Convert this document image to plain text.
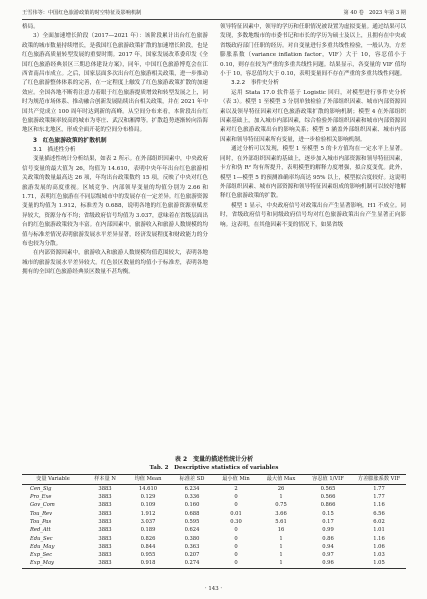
王雪伟等：中国红色旅游政策的时空特征及影响机制	第 40 卷　2023 年第 3 期

格局。

3）全面加速增长阶段（2017—2021 年）：该阶段累计出台红色旅游政策的城市数量持续增长，是我国红色旅游政策扩散的加速增长阶段，也是红色旅游高质量转型发展的重要时期。2017 年，国家发展改革委印发《全国红色旅游经典景区三期总体建设方案》，同年，中国红色旅游博览会在江西省南昌市成立。之后，国家层面多次出台红色旅游相关政策，进一步推动了红色旅游整体体系的完善，在一定程度上触发了红色旅游政策扩散的加速效应。全国各地不断将注意力着眼于红色旅游提质增效和转型发展之上，同时为规范市场体系、推动融合创新发展陆续出台相关政策，并在 2021 年中国共产党成立 100 周年时达到新的高峰。从空间分布来看，本阶段出台红色旅游政策频率较高的城市为枣庄、武汉和湘潭等。扩散趋势逐渐转向沿海地区和东北地区，形成全面开花的空间分布格局。

3　红色旅游政策的扩散机制

3.1　描述性分析

变量描述性统计分析结果，如表 2 所示。在外部组织因素中，中央政府信号变量的最大值为 26，均值为 14.610，表明中央年年出台红色旅游相关政策的数量最高达 26 项，年均出台政策数约 15 项，反映了中央对红色旅游发展的高度重视。区域竞争、内部领导变量的均值分别为 2.66 和 1.71，表明红色旅游在不同层级城市中的发展存在一定差异。红色旅游资源变量的均值为 1.912，标准差为 0.688，说明各地的红色旅游资源禀赋差异较大，资源分布不均；省级政府信号均值为 3.037，意味着在省级层面出台的红色旅游政策较为丰富。在内部因素中，旅游收入和旅游人数规模的均值与标准差情况表明旅游发展水平差异显著，经济发展程度和财政能力的分布也较为分散。

在内部资源因素中，旅游收入和旅游人数规模均值范围较大，表明各地城市的旅游发展水平差异较大。红色景区数量的均值小于标准差，表明各地拥有的全国红色旅游经典景区数量不甚均衡。

领导特征因素中，领导的学历和任职情况被设置为虚拟变量。通过结果可以发现，多数地级市的市委书记和市长的学历为硕士及以上，且拥有在中央或省级政府部门任职的经历。对自变量进行多重共线性检验，一般认为，方差膨胀系数（variance inflation factor，VIF）大于 10，容忍值小于 0.10，则存在较为严重的多重共线性问题。结果显示，各变量的 VIF 值均小于 10，容忍值均大于 0.10，表明变量间不存在严重的多重共线性问题。

3.2.2　事件史分析

运用 Stata 17.0 软件基于 Logistic 回归，对模型进行事件史分析（表 3）。模型 1 至模型 3 分别单独检验了外部组织因素、城市内部资源因素以及领导特征因素对红色旅游政策扩散的影响机制；模型 4 在外部组织因素基础上，加入城市内部因素，综合检验外部组织因素和城市内部资源因素对红色旅游政策出台的影响关系；模型 5 涵盖外部组织因素、城市内部因素和领导特征因素所有变量，进一步检验相关影响机制。

通过分析可以发现，模型 1 至模型 5 的卡方值均在一定水平上显著。同时，在外部组织因素的基础上，逐步加入城市内部资源和领导特征因素，卡方和伪 R² 均有所提升，表明模型的解释力度增强，拟合度变优。此外，模型 1—模型 5 的预测准确率均高达 95% 以上，模型拟合度较好。这说明外部组织因素、城市内部资源和领导特征因素组成的影响机制可以较好地解释红色旅游政策的扩散。

模型 1 显示，中央政府信号对政策出台产生显著影响，H1 不成立。同时，省级政府信号和同级政府信号均对红色旅游政策出台产生显著正向影响。这表明，在其他因素不变的情况下，如果省级

表 2　变量的描述性统计分析
Tab. 2　Descriptive statistics of variables
变量 Variable	样本量 N	均值 Mean	标准差 SD	最小值 Min	最大值 Max	容忍值 1/VIF	方差膨胀系数 VIF
Cen_Sig	3883	14.610	6.234	2	26	0.565	1.77
Pro_Exe	3883	0.129	0.336	0	1	0.566	1.77
Gov_Com	3883	0.109	0.160	0	0.75	0.866	1.16
Tou_Rev	3883	1.912	0.688	0.01	3.66	0.15	6.56
Tou_Pas	3883	3.037	0.595	0.30	5.61	0.17	6.02
Red_Att	3883	0.189	0.624	0	16	0.99	1.01
Edu_Sec	3883	0.826	0.380	0	1	0.86	1.16
Edu_May	3883	0.844	0.363	0	1	0.94	1.06
Exp_Sec	3883	0.955	0.207	0	1	0.97	1.03
Exp_May	3883	0.918	0.274	0	1	0.96	1.05
· 143 ·
